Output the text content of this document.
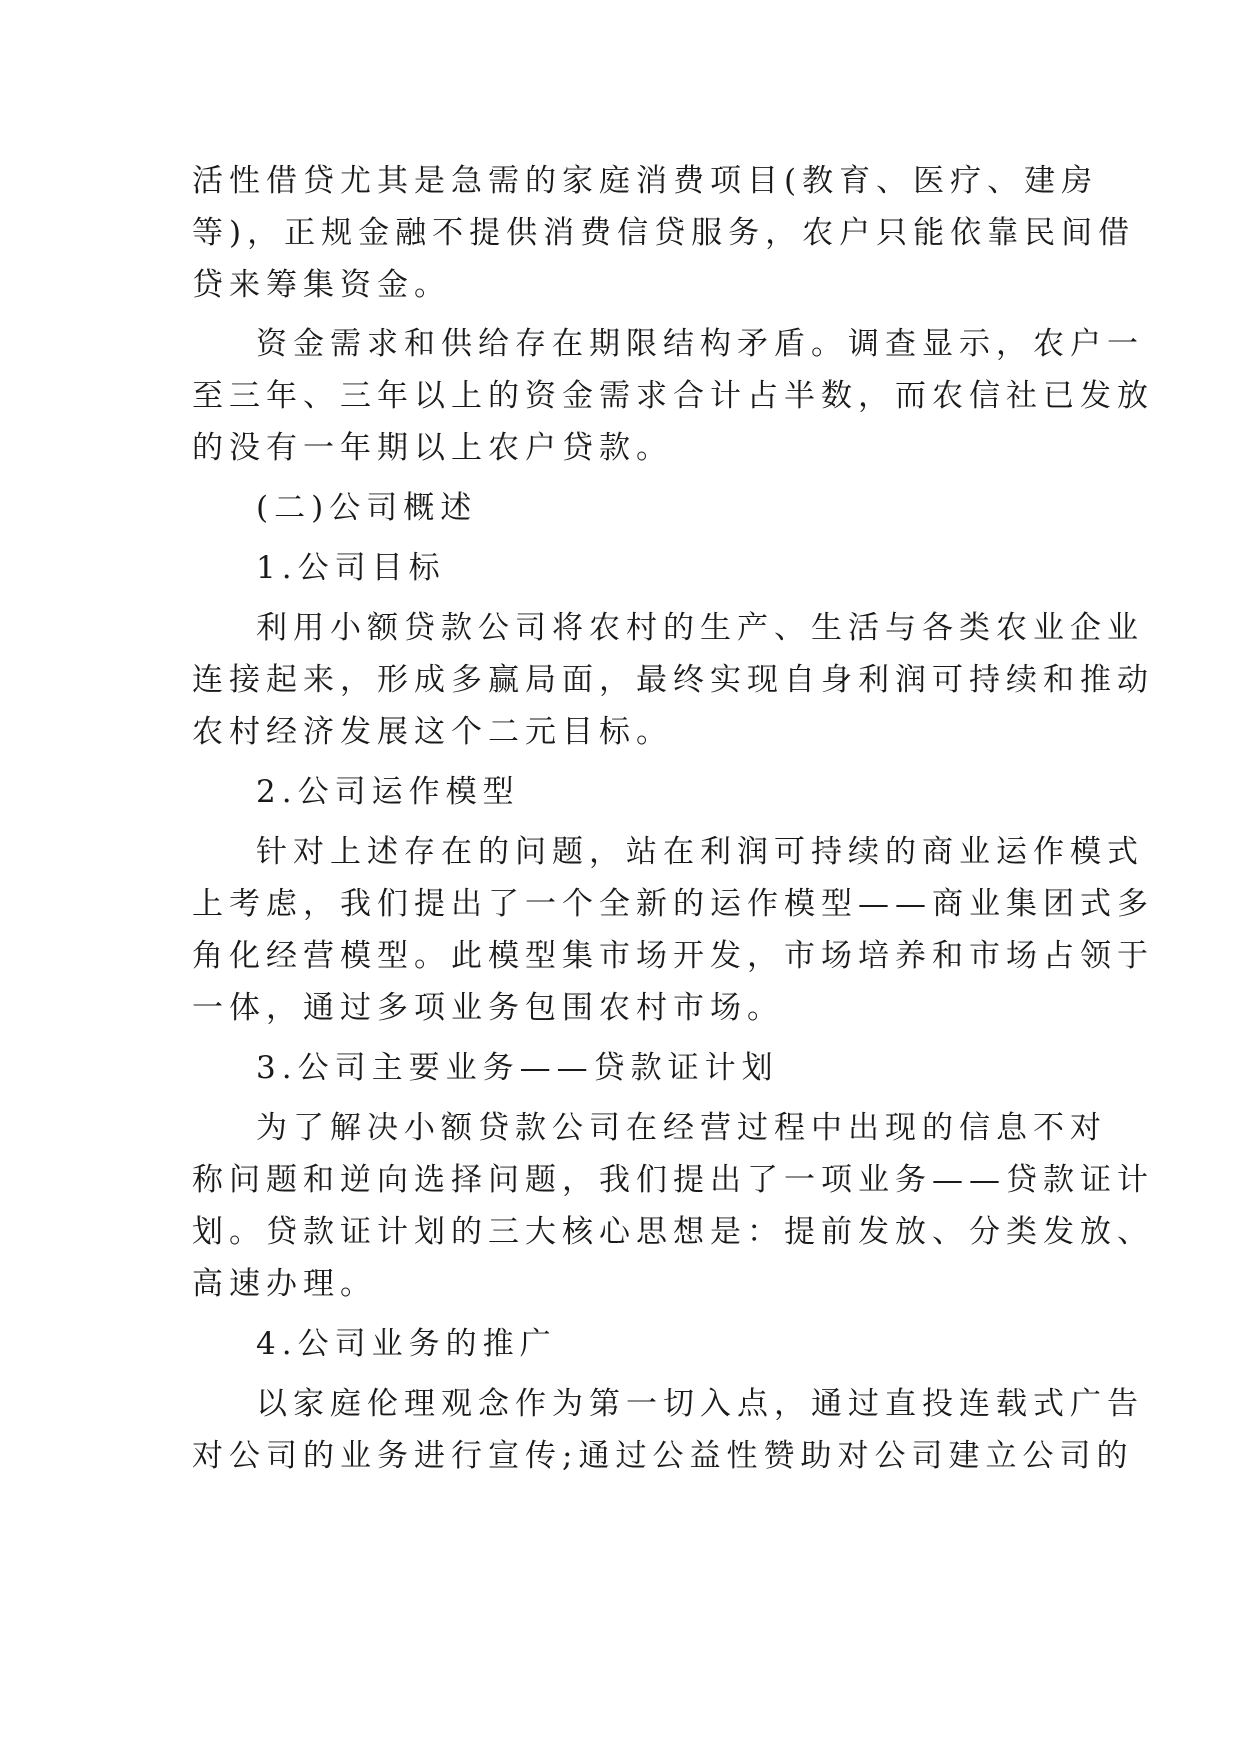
活性借贷尤其是急需的家庭消费项目(教育、医疗、建房
等)，正规金融不提供消费信贷服务，农户只能依靠民间借
贷来筹集资金。
资金需求和供给存在期限结构矛盾。调查显示，农户一
至三年、三年以上的资金需求合计占半数，而农信社已发放
的没有一年期以上农户贷款。
(二)公司概述
1.公司目标
利用小额贷款公司将农村的生产、生活与各类农业企业
连接起来，形成多赢局面，最终实现自身利润可持续和推动
农村经济发展这个二元目标。
2.公司运作模型
针对上述存在的问题，站在利润可持续的商业运作模式
上考虑，我们提出了一个全新的运作模型——商业集团式多
角化经营模型。此模型集市场开发，市场培养和市场占领于
一体，通过多项业务包围农村市场。
3.公司主要业务——贷款证计划
为了解决小额贷款公司在经营过程中出现的信息不对
称问题和逆向选择问题，我们提出了一项业务——贷款证计
划。贷款证计划的三大核心思想是：提前发放、分类发放、
高速办理。
4.公司业务的推广
以家庭伦理观念作为第一切入点，通过直投连载式广告
对公司的业务进行宣传;通过公益性赞助对公司建立公司的
